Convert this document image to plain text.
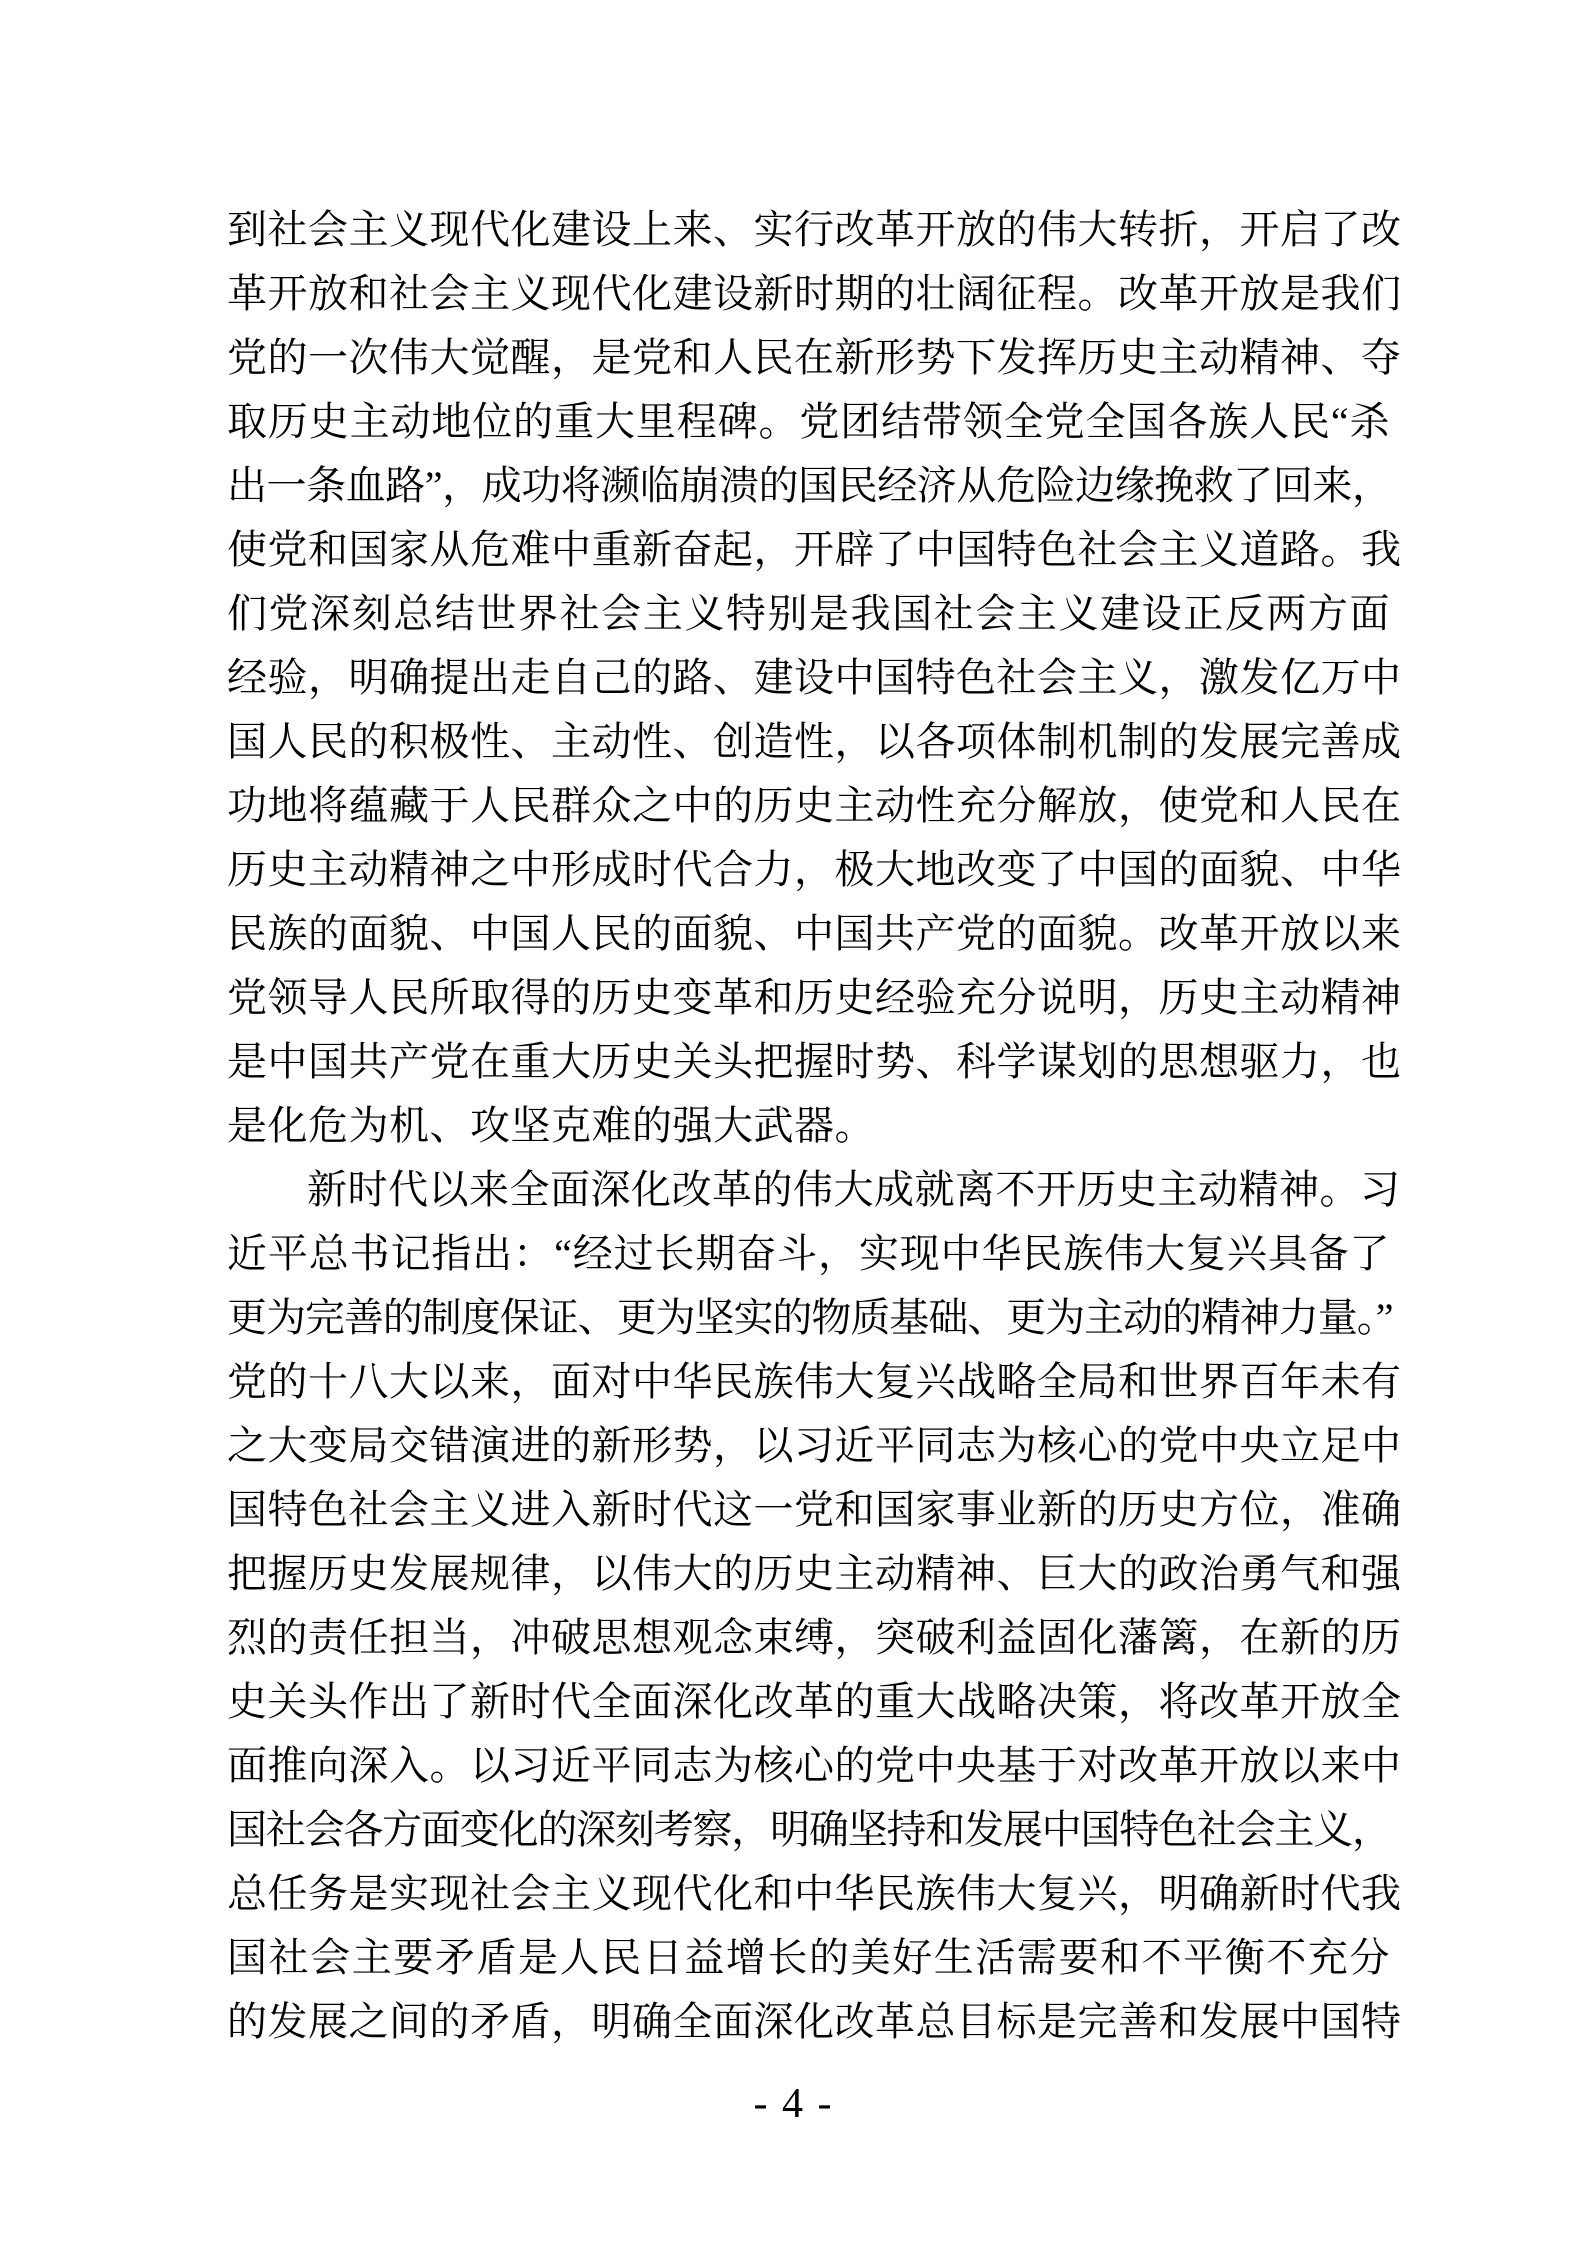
到社会主义现代化建设上来、实行改革开放的伟大转折，开启了改
革开放和社会主义现代化建设新时期的壮阔征程。改革开放是我们
党的一次伟大觉醒，是党和人民在新形势下发挥历史主动精神、夺
取历史主动地位的重大里程碑。党团结带领全党全国各族人民“杀
出一条血路”，成功将濒临崩溃的国民经济从危险边缘挽救了回来，
使党和国家从危难中重新奋起，开辟了中国特色社会主义道路。我
们党深刻总结世界社会主义特别是我国社会主义建设正反两方面
经验，明确提出走自己的路、建设中国特色社会主义，激发亿万中
国人民的积极性、主动性、创造性，以各项体制机制的发展完善成
功地将蕴藏于人民群众之中的历史主动性充分解放，使党和人民在
历史主动精神之中形成时代合力，极大地改变了中国的面貌、中华
民族的面貌、中国人民的面貌、中国共产党的面貌。改革开放以来
党领导人民所取得的历史变革和历史经验充分说明，历史主动精神
是中国共产党在重大历史关头把握时势、科学谋划的思想驱力，也
是化危为机、攻坚克难的强大武器。
新时代以来全面深化改革的伟大成就离不开历史主动精神。习
近平总书记指出：“经过长期奋斗，实现中华民族伟大复兴具备了
更为完善的制度保证、更为坚实的物质基础、更为主动的精神力量。”
党的十八大以来，面对中华民族伟大复兴战略全局和世界百年未有
之大变局交错演进的新形势，以习近平同志为核心的党中央立足中
国特色社会主义进入新时代这一党和国家事业新的历史方位，准确
把握历史发展规律，以伟大的历史主动精神、巨大的政治勇气和强
烈的责任担当，冲破思想观念束缚，突破利益固化藩篱，在新的历
史关头作出了新时代全面深化改革的重大战略决策，将改革开放全
面推向深入。以习近平同志为核心的党中央基于对改革开放以来中
国社会各方面变化的深刻考察，明确坚持和发展中国特色社会主义，
总任务是实现社会主义现代化和中华民族伟大复兴，明确新时代我
国社会主要矛盾是人民日益增长的美好生活需要和不平衡不充分
的发展之间的矛盾，明确全面深化改革总目标是完善和发展中国特
- 4 -
